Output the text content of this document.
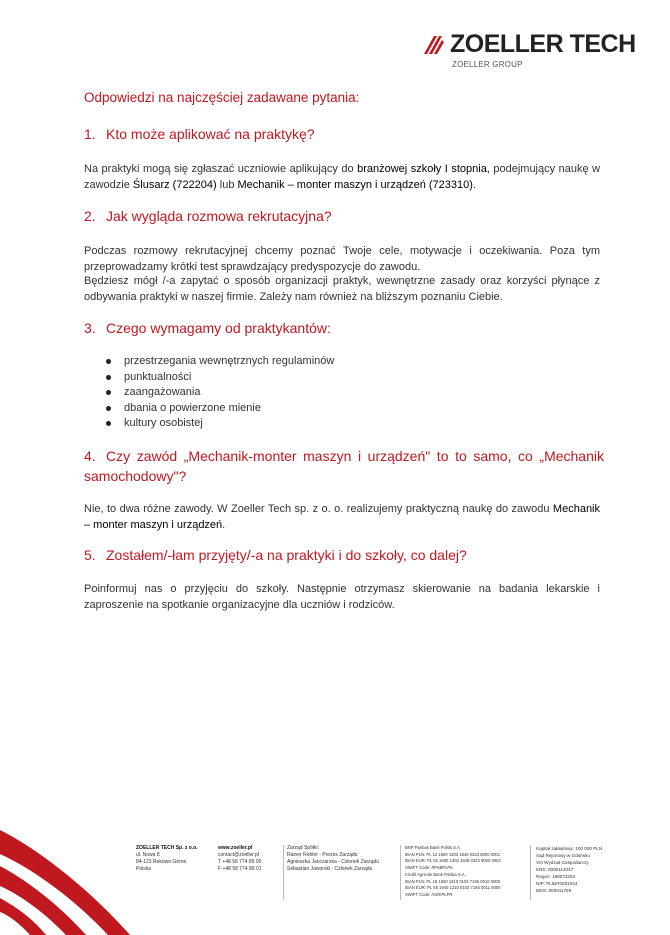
ZOELLER TECH
ZOELLER GROUP
Odpowiedzi na najczęściej zadawane pytania:
1. Kto może aplikować na praktykę?
Na praktyki mogą się zgłaszać uczniowie aplikujący do branżowej szkoły I stopnia, podejmujący naukę w zawodzie Ślusarz (722204) lub Mechanik – monter maszyn i urządzeń (723310).
2. Jak wygląda rozmowa rekrutacyjna?
Podczas rozmowy rekrutacyjnej chcemy poznać Twoje cele, motywacje i oczekiwania. Poza tym przeprowadzamy krótki test sprawdzający predyspozycje do zawodu.
Będziesz mógł /-a zapytać o sposób organizacji praktyk, wewnętrzne zasady oraz korzyści płynące z odbywania praktyki w naszej firmie. Zależy nam również na bliższym poznaniu Ciebie.
3. Czego wymagamy od praktykantów:
przestrzegania wewnętrznych regulaminów
punktualności
zaangażowania
dbania o powierzone mienie
kultury osobistej
4. Czy zawód „Mechanik-monter maszyn i urządzeń" to to samo, co „Mechanik samochodowy"?
Nie, to dwa różne zawody. W Zoeller Tech sp. z o. o. realizujemy praktyczną naukę do zawodu Mechanik – monter maszyn i urządzeń.
5. Zostałem/-łam przyjęty/-a na praktyki i do szkoły, co dalej?
Poinformuj nas o przyjęciu do szkoły. Następnie otrzymasz skierowanie na badania lekarskie i zaproszenie na spotkanie organizacyjne dla uczniów i rodziców.
ZOELLER TECH Sp. z o.o.
ul. Nowa 8
84-123 Rekowo Górne
Polska
www.zoeller.pl
contact@zoeller.pl
T +48 58 774 89 00
F +48 58 774 89 01
Zarząd Spółki:
Rainer Rohler - Prezes Zarządu
Agnieszka Janczarska - Członek Zarządu
Sebastian Jaworski - Członek Zarządu
BNP Paribas Bank Polski S.A.
IBAN PLN: PL 12 1600 1303 1846 0323 8000 0001
IBAN EUR: PL 82 1600 1303 1846 0323 8000 0002
SWIFT Code: PPABPLPK
Credit Agricole Bank Polska S.A.
IBAN PLN: PL 18 1940 1210 0103 7166 0010 0000
IBAN EUR: PL 66 1940 1210 0103 7166 0011 0000
SWIFT Code: AGRIPLPR
Kapitał zakładowy: 100 000 PLN
Sąd Rejonowy w Gdańsku
VIII Wydział Gospodarczy
KRS: 0000114047
Regon: 190073253
NIP: PL5870201044
BDO: 000011789
